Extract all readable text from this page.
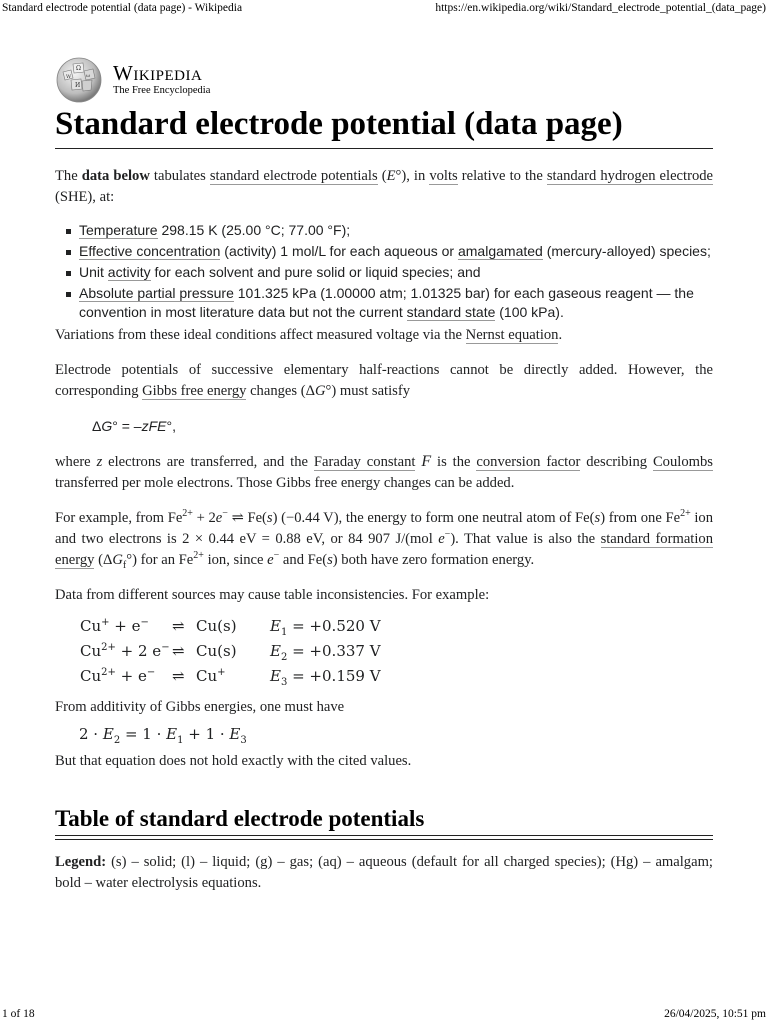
Standard electrode potential (data page) - Wikipedia	https://en.wikipedia.org/wiki/Standard_electrode_potential_(data_page)
Ω
W
И
ω Wikipedia
The Free Encyclopedia
Standard electrode potential (data page)

The data below tabulates standard electrode potentials (E°), in volts relative to the standard hydrogen electrode (SHE), at:

Temperature 298.15 K (25.00 °C; 77.00 °F);
Effective concentration (activity) 1 mol/L for each aqueous or amalgamated (mercury-alloyed) species;
Unit activity for each solvent and pure solid or liquid species; and
Absolute partial pressure 101.325 kPa (1.00000 atm; 1.01325 bar) for each gaseous reagent — the convention in most literature data but not the current standard state (100 kPa).

Variations from these ideal conditions affect measured voltage via the Nernst equation.

Electrode potentials of successive elementary half-reactions cannot be directly added. However, the corresponding Gibbs free energy changes (ΔG°) must satisfy

ΔG° = –zFE°,

where z electrons are transferred, and the Faraday constant F is the conversion factor describing Coulombs transferred per mole electrons. Those Gibbs free energy changes can be added.

For example, from $Fe^{2+} + 2e^-$ ⇌ Fe(s) (−0.44 V), the energy to form one neutral atom of Fe(s) from one $Fe^{2+}$ ion and two electrons is 2 × 0.44 eV = 0.88 eV, or 84 907 J/(mol e−). That value is also the standard formation energy $(\Delta G_f^\circ)$ for an $Fe^{2+}$ ion, since e− and Fe(s) both have zero formation energy.

Data from different sources may cause table inconsistencies. For example:

Cu+ + e−	⇌	Cu(s)	$E_1 = +0.520$ V
$Cu^{2+} + 2$ e−	⇌	Cu(s)	$E_2 = +0.337$ V
$Cu^{2+} + e^-$	⇌	Cu+	$E_3 = +0.159$ V

From additivity of Gibbs energies, one must have

$2 \cdot E_2 = 1 \cdot E_1 + 1 \cdot E_3$

But that equation does not hold exactly with the cited values.

Table of standard electrode potentials

Legend: (s) – solid; (l) – liquid; (g) – gas; (aq) – aqueous (default for all charged species); (Hg) – amalgam; bold – water electrolysis equations.

1 of 18	26/04/2025, 10:51 pm
